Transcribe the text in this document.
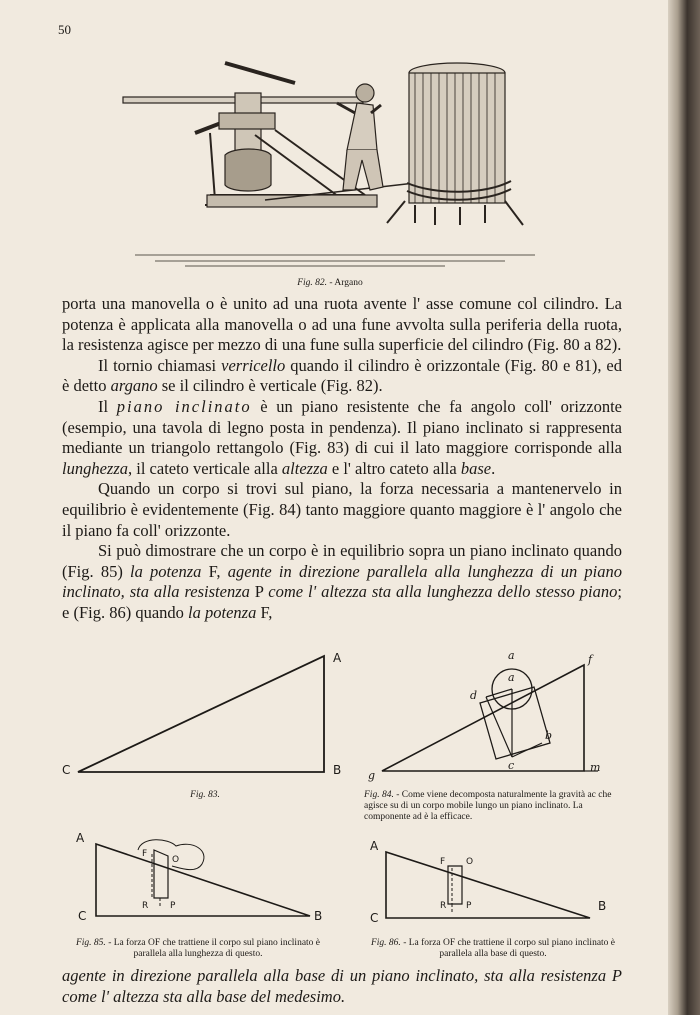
50
Fig. 82. - Argano

porta una manovella o è unito ad una ruota avente l' asse comune col cilindro. La potenza è applicata alla manovella o ad una fune avvolta sulla periferia della ruota, la resistenza agisce per mezzo di una fune sulla superficie del cilindro (Fig. 80 a 82).

Il tornio chiamasi verricello quando il cilindro è orizzontale (Fig. 80 e 81), ed è detto argano se il cilindro è verticale (Fig. 82).

Il piano inclinato è un piano resistente che fa angolo coll' orizzonte (esempio, una tavola di legno posta in pendenza). Il piano inclinato si rappresenta mediante un triangolo rettangolo (Fig. 83) di cui il lato maggiore corrisponde alla lunghezza, il cateto verticale alla altezza e l' altro cateto alla base.

Quando un corpo si trovi sul piano, la forza necessaria a mantenervelo in equilibrio è evidentemente (Fig. 84) tanto maggiore quanto maggiore è l' angolo che il piano fa coll' orizzonte.

Si può dimostrare che un corpo è in equilibrio sopra un piano inclinato quando (Fig. 85) la potenza F, agente in direzione parallela alla lunghezza di un piano inclinato, sta alla resistenza P come l' altezza sta alla lunghezza dello stesso piano; e (Fig. 86) quando la potenza F,

A
B
C
Fig. 83.
f
a
a
d
b
c
g
m
Fig. 84. - Come viene decomposta naturalmente la gravità ac che agisce su di un corpo mobile lungo un piano inclinato. La componente ad è la efficace.
A
B
C
F
O
R P
Fig. 85. - La forza OF che trattiene il corpo sul piano inclinato è parallela alla lunghezza di questo.
A
B
C
F O
R P
Fig. 86. - La forza OF che trattiene il corpo sul piano inclinato è parallela alla base di questo.

agente in direzione parallela alla base di un piano inclinato, sta alla resistenza P come l' altezza sta alla base del medesimo.
